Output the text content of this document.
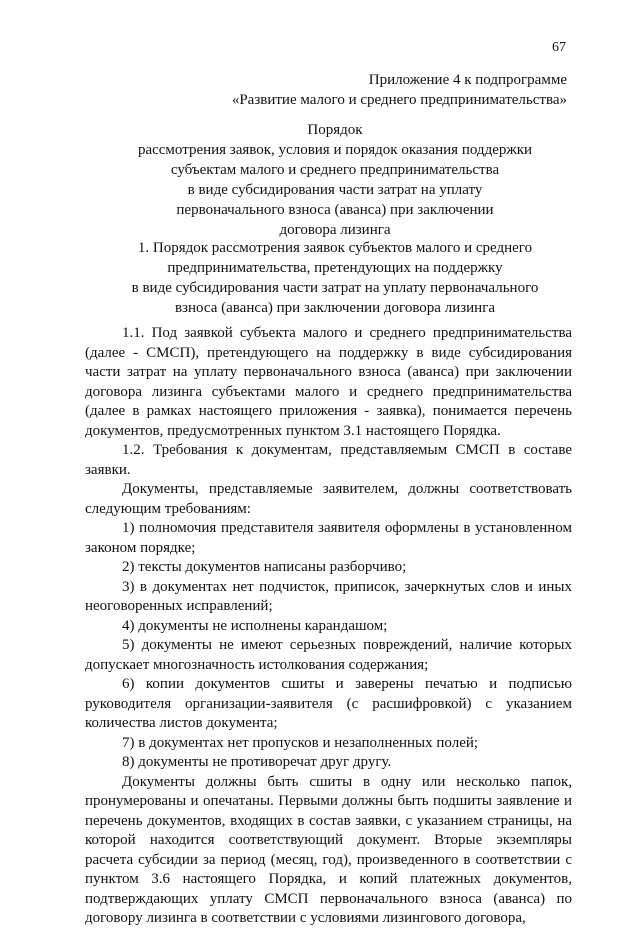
67
Приложение 4 к подпрограмме
«Развитие малого и среднего предпринимательства»
Порядок
рассмотрения заявок, условия и порядок оказания поддержки
субъектам малого и среднего предпринимательства
в виде субсидирования части затрат на уплату
первоначального взноса (аванса) при заключении
договора лизинга
1. Порядок рассмотрения заявок субъектов малого и среднего
предпринимательства, претендующих на поддержку
в виде субсидирования части затрат на уплату первоначального
взноса (аванса) при заключении договора лизинга

1.1. Под заявкой субъекта малого и среднего предпринимательства (далее - СМСП), претендующего на поддержку в виде субсидирования части затрат на уплату первоначального взноса (аванса) при заключении договора лизинга субъектами малого и среднего предпринимательства (далее в рамках настоящего приложения - заявка), понимается перечень документов, предусмотренных пунктом 3.1 настоящего Порядка.

1.2. Требования к документам, представляемым СМСП в составе заявки.

Документы, представляемые заявителем, должны соответствовать следующим требованиям:

1) полномочия представителя заявителя оформлены в установленном законом порядке;

2) тексты документов написаны разборчиво;

3) в документах нет подчисток, приписок, зачеркнутых слов и иных неоговоренных исправлений;

4) документы не исполнены карандашом;

5) документы не имеют серьезных повреждений, наличие которых допускает многозначность истолкования содержания;

6) копии документов сшиты и заверены печатью и подписью руководителя организации-заявителя (с расшифровкой) с указанием количества листов документа;

7) в документах нет пропусков и незаполненных полей;

8) документы не противоречат друг другу.

Документы должны быть сшиты в одну или несколько папок, пронумерованы и опечатаны. Первыми должны быть подшиты заявление и перечень документов, входящих в состав заявки, с указанием страницы, на которой находится соответствующий документ. Вторые экземпляры расчета субсидии за период (месяц, год), произведенного в соответствии с пунктом 3.6 настоящего Порядка, и копий платежных документов, подтверждающих уплату СМСП первоначального взноса (аванса) по договору лизинга в соответствии с условиями лизингового договора,
